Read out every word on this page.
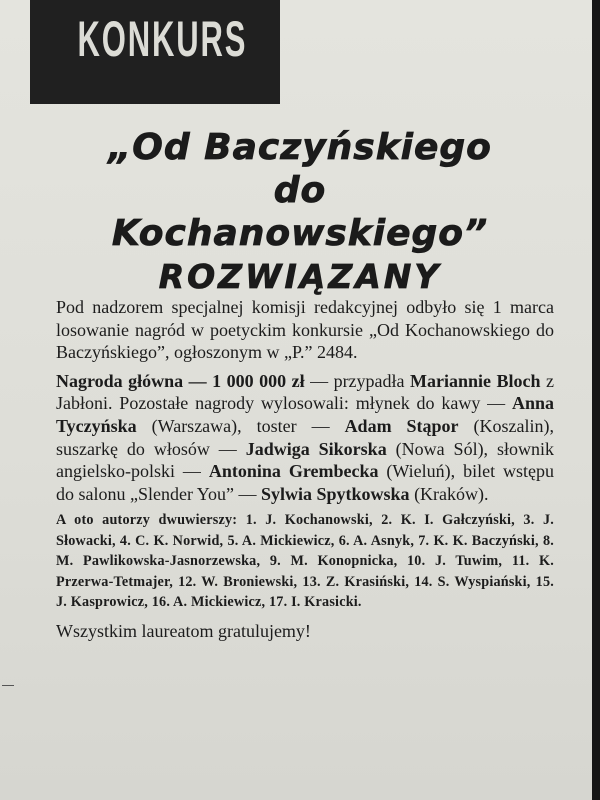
KONKURS
„Od Baczyńskiego
do
Kochanowskiego”
ROZWIĄZANY

Pod nadzorem specjalnej komisji redakcyjnej odbyło się 1 marca losowanie nagród w poetyckim konkursie „Od Kochanowskiego do Baczyńskiego”, ogłoszonym w „P.” 2484.

Nagroda główna — 1 000 000 zł — przypadła Mariannie Bloch z Jabłoni. Pozostałe nagrody wylosowali: młynek do kawy — Anna Tyczyńska (Warszawa), toster — Adam Stąpor (Koszalin), suszarkę do włosów — Jadwiga Sikorska (Nowa Sól), słownik angielsko-polski — Antonina Grembecka (Wieluń), bilet wstępu do salonu „Slender You” — Sylwia Spytkowska (Kraków).

A oto autorzy dwuwierszy: 1. J. Kochanowski, 2. K. I. Gałczyński, 3. J. Słowacki, 4. C. K. Norwid, 5. A. Mickiewicz, 6. A. Asnyk, 7. K. K. Baczyński, 8. M. Pawlikowska-Jasnorzewska, 9. M. Konopnicka, 10. J. Tuwim, 11. K. Przerwa-Tetmajer, 12. W. Broniewski, 13. Z. Krasiński, 14. S. Wyspiański, 15. J. Kasprowicz, 16. A. Mickiewicz, 17. I. Krasicki.

Wszystkim laureatom gratulujemy!
